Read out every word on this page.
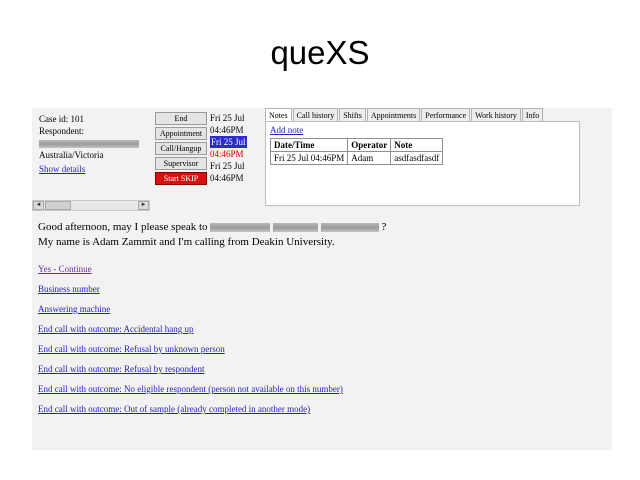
queXS
Case id: 101
Respondent:
Australia/Victoria
Show details
◄	►
End
Appointment
Call/Hangup
Supervisor
Start SKIP
Fri 25 Jul
04:46PM
Fri 25 Jul
04:46PM
Fri 25 Jul
04:46PM
Notes	Call history	Shifts	Appointments	Performance	Work history	Info
Add note
Date/Time	Operator	Note
Fri 25 Jul 04:46PM	Adam	asdfasdfasdf
Good afternoon, may I please speak to	?
My name is Adam Zammit and I'm calling from Deakin University.
Yes - Continue
Business number
Answering machine
End call with outcome: Accidental hang up
End call with outcome: Refusal by unknown person
End call with outcome: Refusal by respondent
End call with outcome: No eligible respondent (person not available on this number)
End call with outcome: Out of sample (already completed in another mode)
